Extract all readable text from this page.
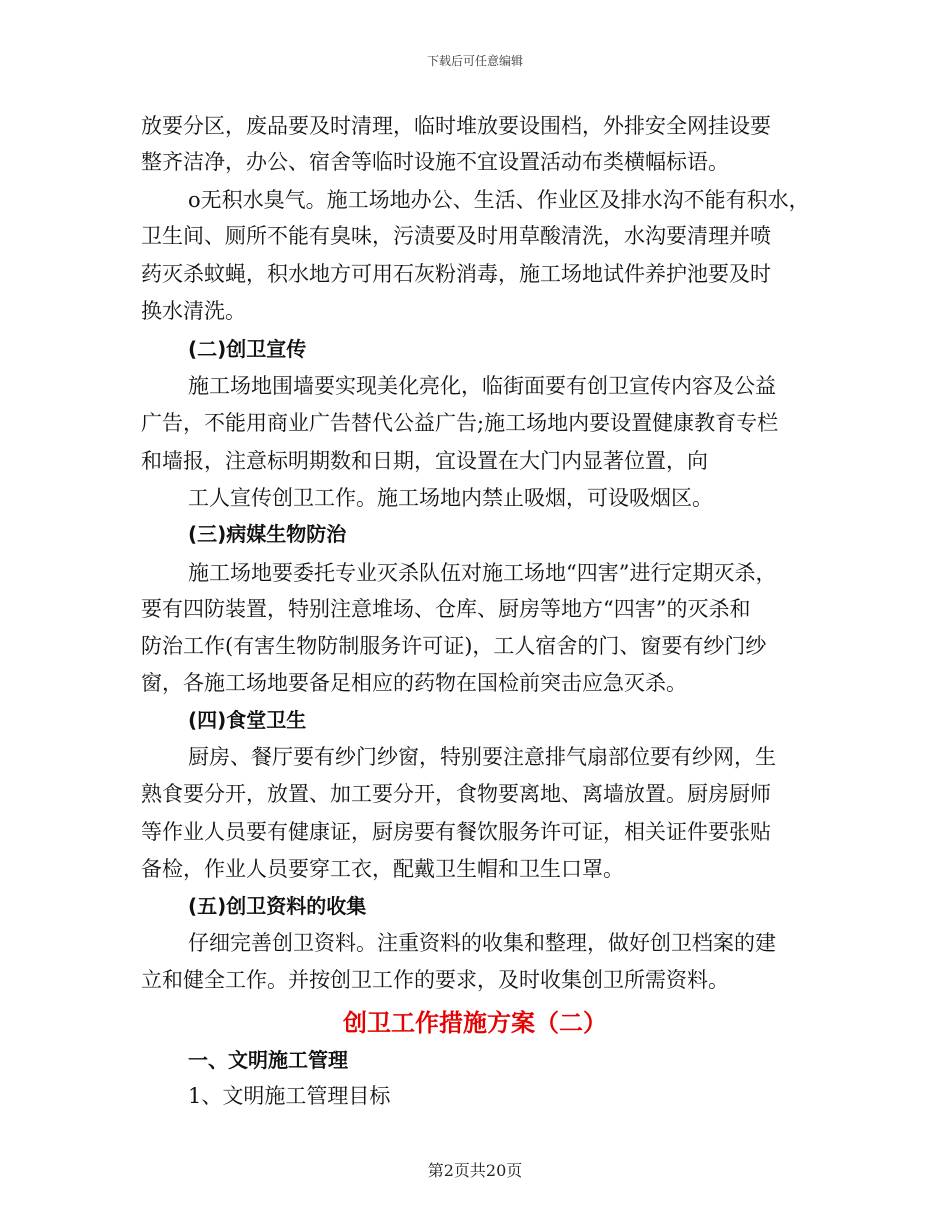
下载后可任意编辑
放要分区，废品要及时清理，临时堆放要设围档，外排安全网挂设要
整齐洁净，办公、宿舍等临时设施不宜设置活动布类横幅标语。
o无积水臭气。施工场地办公、生活、作业区及排水沟不能有积水，
卫生间、厕所不能有臭味，污渍要及时用草酸清洗，水沟要清理并喷
药灭杀蚊蝇，积水地方可用石灰粉消毒，施工场地试件养护池要及时
换水清洗。
(二)创卫宣传
施工场地围墙要实现美化亮化，临街面要有创卫宣传内容及公益
广告，不能用商业广告替代公益广告;施工场地内要设置健康教育专栏
和墙报，注意标明期数和日期，宜设置在大门内显著位置，向
工人宣传创卫工作。施工场地内禁止吸烟，可设吸烟区。
(三)病媒生物防治
施工场地要委托专业灭杀队伍对施工场地“四害”进行定期灭杀，
要有四防装置，特别注意堆场、仓库、厨房等地方“四害”的灭杀和
防治工作(有害生物防制服务许可证)，工人宿舍的门、窗要有纱门纱
窗，各施工场地要备足相应的药物在国检前突击应急灭杀。
(四)食堂卫生
厨房、餐厅要有纱门纱窗，特别要注意排气扇部位要有纱网，生
熟食要分开，放置、加工要分开，食物要离地、离墙放置。厨房厨师
等作业人员要有健康证，厨房要有餐饮服务许可证，相关证件要张贴
备检，作业人员要穿工衣，配戴卫生帽和卫生口罩。
(五)创卫资料的收集
仔细完善创卫资料。注重资料的收集和整理，做好创卫档案的建
立和健全工作。并按创卫工作的要求，及时收集创卫所需资料。
创卫工作措施方案（二）
一、文明施工管理
1、文明施工管理目标
第2页共20页
